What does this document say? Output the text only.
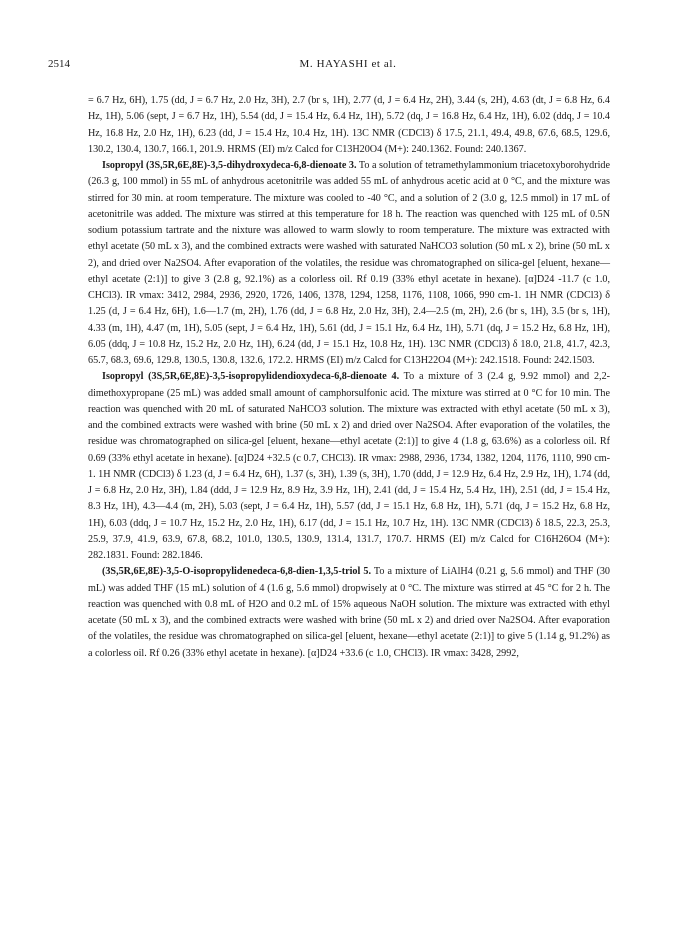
2514	M. HAYASHI et al.

= 6.7 Hz, 6H), 1.75 (dd, J = 6.7 Hz, 2.0 Hz, 3H), 2.7 (br s, 1H), 2.77 (d, J = 6.4 Hz, 2H), 3.44 (s, 2H), 4.63 (dt, J = 6.8 Hz, 6.4 Hz, 1H), 5.06 (sept, J = 6.7 Hz, 1H), 5.54 (dd, J = 15.4 Hz, 6.4 Hz, 1H), 5.72 (dq, J = 16.8 Hz, 6.4 Hz, 1H), 6.02 (ddq, J = 10.4 Hz, 16.8 Hz, 2.0 Hz, 1H), 6.23 (dd, J = 15.4 Hz, 10.4 Hz, 1H). 13C NMR (CDCl3) δ 17.5, 21.1, 49.4, 49.8, 67.6, 68.5, 129.6, 130.2, 130.4, 130.7, 166.1, 201.9. HRMS (EI) m/z Calcd for C13H20O4 (M+): 240.1362. Found: 240.1367.

Isopropyl (3S,5R,6E,8E)-3,5-dihydroxydeca-6,8-dienoate 3. To a solution of tetramethylammonium triacetoxyborohydride (26.3 g, 100 mmol) in 55 mL of anhydrous acetonitrile was added 55 mL of anhydrous acetic acid at 0 °C, and the mixture was stirred for 30 min. at room temperature. The mixture was cooled to -40 °C, and a solution of 2 (3.0 g, 12.5 mmol) in 17 mL of acetonitrile was added. The mixture was stirred at this temperature for 18 h. The reaction was quenched with 125 mL of 0.5N sodium potassium tartrate and the nixture was allowed to warm slowly to room temperature. The mixture was extracted with ethyl acetate (50 mL x 3), and the combined extracts were washed with saturated NaHCO3 solution (50 mL x 2), brine (50 mL x 2), and dried over Na2SO4. After evaporation of the volatiles, the residue was chromatographed on silica-gel [eluent, hexane—ethyl acetate (2:1)] to give 3 (2.8 g, 92.1%) as a colorless oil. Rf 0.19 (33% ethyl acetate in hexane). [α]D24 -11.7 (c 1.0, CHCl3). IR νmax: 3412, 2984, 2936, 2920, 1726, 1406, 1378, 1294, 1258, 1176, 1108, 1066, 990 cm-1. 1H NMR (CDCl3) δ 1.25 (d, J = 6.4 Hz, 6H), 1.6—1.7 (m, 2H), 1.76 (dd, J = 6.8 Hz, 2.0 Hz, 3H), 2.4—2.5 (m, 2H), 2.6 (br s, 1H), 3.5 (br s, 1H), 4.33 (m, 1H), 4.47 (m, 1H), 5.05 (sept, J = 6.4 Hz, 1H), 5.61 (dd, J = 15.1 Hz, 6.4 Hz, 1H), 5.71 (dq, J = 15.2 Hz, 6.8 Hz, 1H), 6.05 (ddq, J = 10.8 Hz, 15.2 Hz, 2.0 Hz, 1H), 6.24 (dd, J = 15.1 Hz, 10.8 Hz, 1H). 13C NMR (CDCl3) δ 18.0, 21.8, 41.7, 42.3, 65.7, 68.3, 69.6, 129.8, 130.5, 130.8, 132.6, 172.2. HRMS (EI) m/z Calcd for C13H22O4 (M+): 242.1518. Found: 242.1503.

Isopropyl (3S,5R,6E,8E)-3,5-isopropylidendioxydeca-6,8-dienoate 4. To a mixture of 3 (2.4 g, 9.92 mmol) and 2,2-dimethoxypropane (25 mL) was added small amount of camphorsulfonic acid. The mixture was stirred at 0 °C for 10 min. The reaction was quenched with 20 mL of saturated NaHCO3 solution. The mixture was extracted with ethyl acetate (50 mL x 3), and the combined extracts were washed with brine (50 mL x 2) and dried over Na2SO4. After evaporation of the volatiles, the residue was chromatographed on silica-gel [eluent, hexane—ethyl acetate (2:1)] to give 4 (1.8 g, 63.6%) as a colorless oil. Rf 0.69 (33% ethyl acetate in hexane). [α]D24 +32.5 (c 0.7, CHCl3). IR νmax: 2988, 2936, 1734, 1382, 1204, 1176, 1110, 990 cm-1. 1H NMR (CDCl3) δ 1.23 (d, J = 6.4 Hz, 6H), 1.37 (s, 3H), 1.39 (s, 3H), 1.70 (ddd, J = 12.9 Hz, 6.4 Hz, 2.9 Hz, 1H), 1.74 (dd, J = 6.8 Hz, 2.0 Hz, 3H), 1.84 (ddd, J = 12.9 Hz, 8.9 Hz, 3.9 Hz, 1H), 2.41 (dd, J = 15.4 Hz, 5.4 Hz, 1H), 2.51 (dd, J = 15.4 Hz, 8.3 Hz, 1H), 4.3—4.4 (m, 2H), 5.03 (sept, J = 6.4 Hz, 1H), 5.57 (dd, J = 15.1 Hz, 6.8 Hz, 1H), 5.71 (dq, J = 15.2 Hz, 6.8 Hz, 1H), 6.03 (ddq, J = 10.7 Hz, 15.2 Hz, 2.0 Hz, 1H), 6.17 (dd, J = 15.1 Hz, 10.7 Hz, 1H). 13C NMR (CDCl3) δ 18.5, 22.3, 25.3, 25.9, 37.9, 41.9, 63.9, 67.8, 68.2, 101.0, 130.5, 130.9, 131.4, 131.7, 170.7. HRMS (EI) m/z Calcd for C16H26O4 (M+): 282.1831. Found: 282.1846.

(3S,5R,6E,8E)-3,5-O-isopropylidenedeca-6,8-dien-1,3,5-triol 5. To a mixture of LiAlH4 (0.21 g, 5.6 mmol) and THF (30 mL) was added THF (15 mL) solution of 4 (1.6 g, 5.6 mmol) dropwisely at 0 °C. The mixture was stirred at 45 °C for 2 h. The reaction was quenched with 0.8 mL of H2O and 0.2 mL of 15% aqueous NaOH solution. The mixture was extracted with ethyl acetate (50 mL x 3), and the combined extracts were washed with brine (50 mL x 2) and dried over Na2SO4. After evaporation of the volatiles, the residue was chromatographed on silica-gel [eluent, hexane—ethyl acetate (2:1)] to give 5 (1.14 g, 91.2%) as a colorless oil. Rf 0.26 (33% ethyl acetate in hexane). [α]D24 +33.6 (c 1.0, CHCl3). IR νmax: 3428, 2992,
